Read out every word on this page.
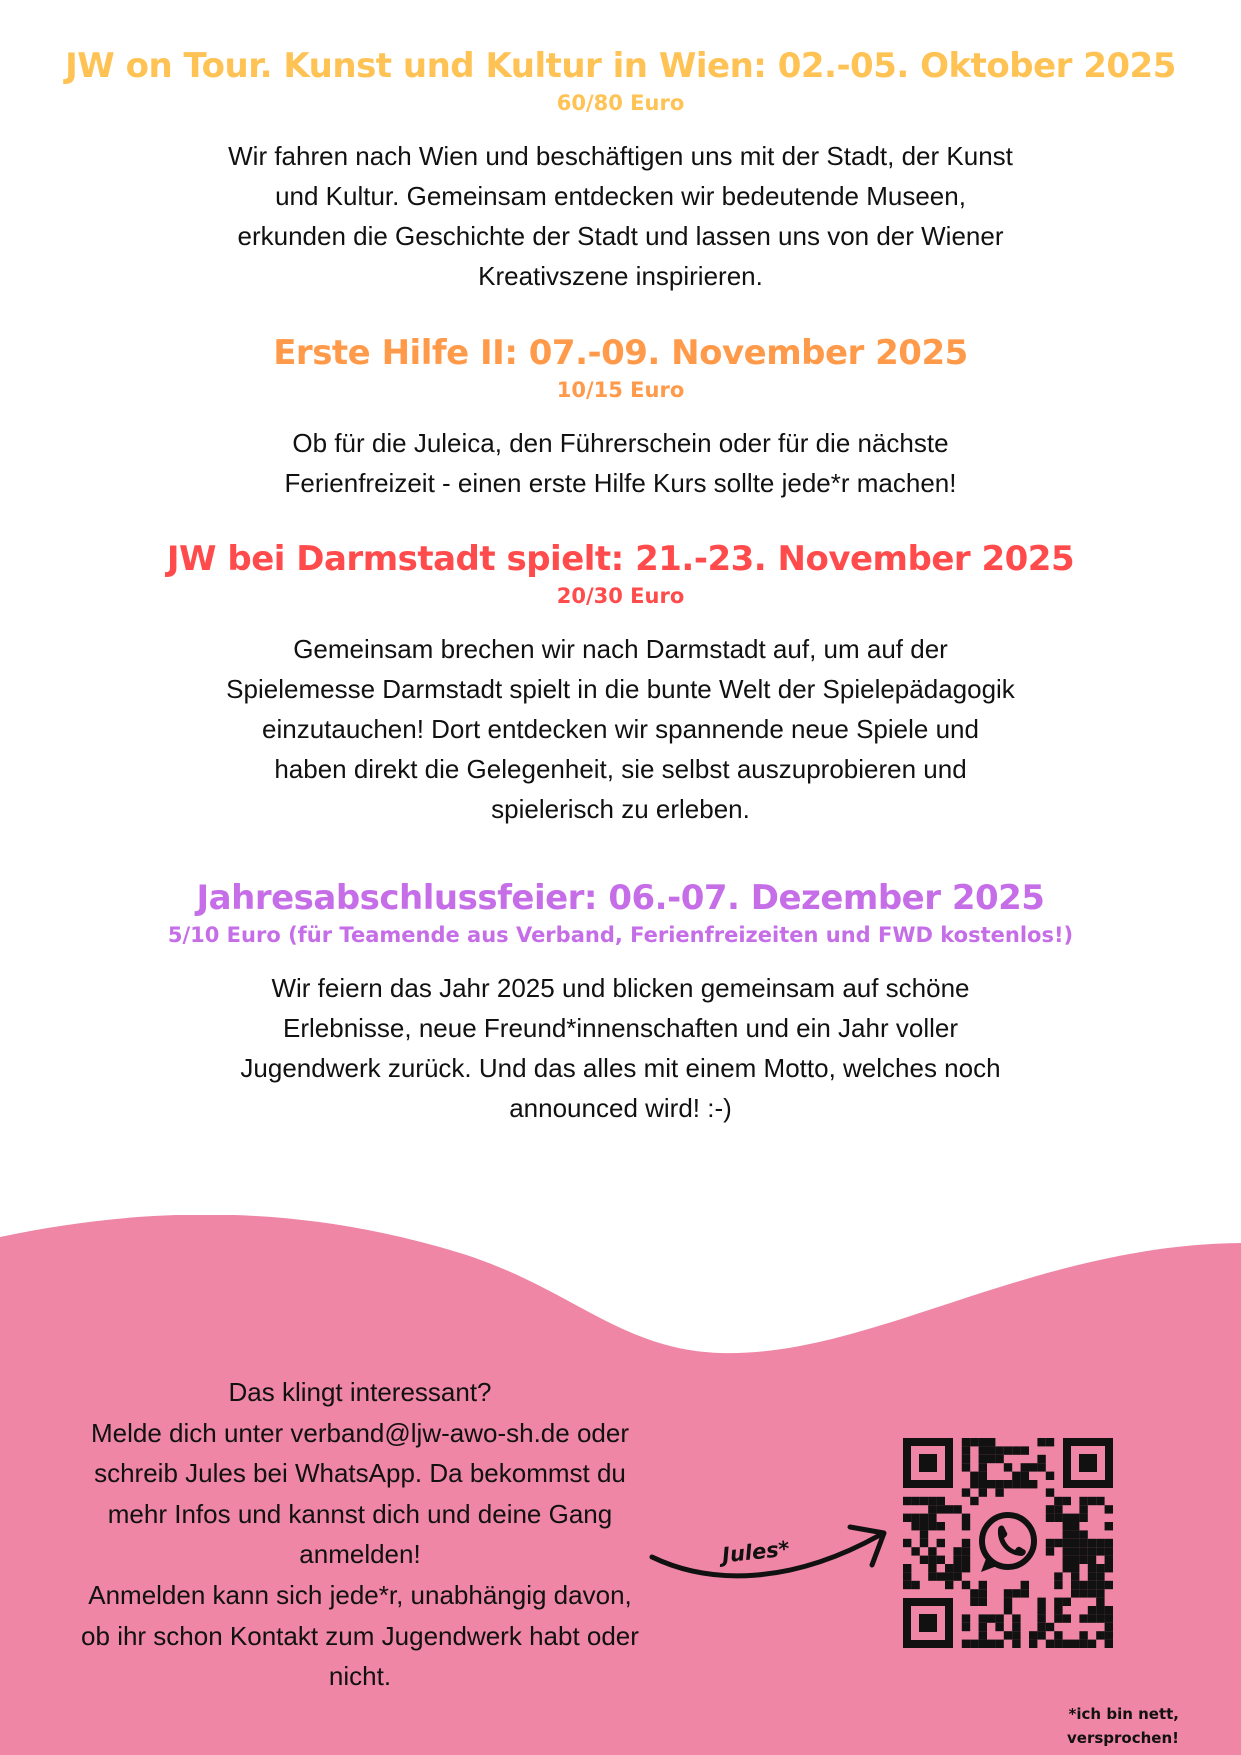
JW on Tour. Kunst und Kultur in Wien: 02.-05. Oktober 2025

60/80 Euro

Wir fahren nach Wien und beschäftigen uns mit der Stadt, der Kunst
und Kultur. Gemeinsam entdecken wir bedeutende Museen,
erkunden die Geschichte der Stadt und lassen uns von der Wiener
Kreativszene inspirieren.
Erste Hilfe II: 07.-09. November 2025

10/15 Euro

Ob für die Juleica, den Führerschein oder für die nächste
Ferienfreizeit - einen erste Hilfe Kurs sollte jede*r machen!
JW bei Darmstadt spielt: 21.-23. November 2025

20/30 Euro

Gemeinsam brechen wir nach Darmstadt auf, um auf der
Spielemesse Darmstadt spielt in die bunte Welt der Spielepädagogik
einzutauchen! Dort entdecken wir spannende neue Spiele und
haben direkt die Gelegenheit, sie selbst auszuprobieren und
spielerisch zu erleben.
Jahresabschlussfeier: 06.-07. Dezember 2025

5/10 Euro (für Teamende aus Verband, Ferienfreizeiten und FWD kostenlos!)

Wir feiern das Jahr 2025 und blicken gemeinsam auf schöne
Erlebnisse, neue Freund*innenschaften und ein Jahr voller
Jugendwerk zurück. Und das alles mit einem Motto, welches noch
announced wird! :-)

Das klingt interessant?

Melde dich unter verband@ljw-awo-sh.de oder

schreib Jules bei WhatsApp. Da bekommst du

mehr Infos und kannst dich und deine Gang

anmelden!

Anmelden kann sich jede*r, unabhängig davon,

ob ihr schon Kontakt zum Jugendwerk habt oder

nicht.

Jules*
*ich bin nett,
versprochen!
